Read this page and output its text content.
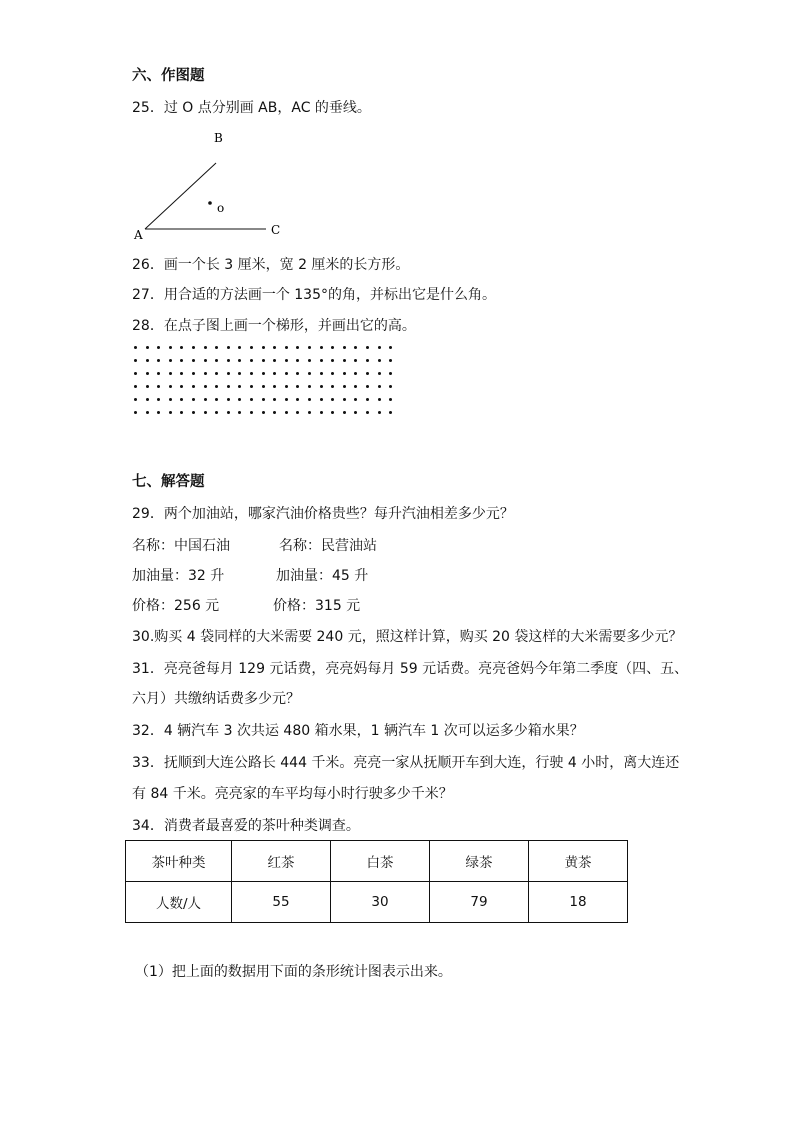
六、作图题
25．过 O 点分别画 AB，AC 的垂线。
B
o
A	C
26．画一个长 3 厘米，宽 2 厘米的长方形。
27．用合适的方法画一个 135°的角，并标出它是什么角。
28．在点子图上画一个梯形，并画出它的高。
七、解答题
29．两个加油站，哪家汽油价格贵些？每升汽油相差多少元？
名称：中国石油	名称：民营油站
加油量：32 升	加油量：45 升
价格：256 元	价格：315 元
30.购买 4 袋同样的大米需要 240 元，照这样计算，购买 20 袋这样的大米需要多少元？
31．亮亮爸每月 129 元话费，亮亮妈每月 59 元话费。亮亮爸妈今年第二季度（四、五、
六月）共缴纳话费多少元？
32．4 辆汽车 3 次共运 480 箱水果，1 辆汽车 1 次可以运多少箱水果？
33．抚顺到大连公路长 444 千米。亮亮一家从抚顺开车到大连，行驶 4 小时，离大连还
有 84 千米。亮亮家的车平均每小时行驶多少千米？
34．消费者最喜爱的茶叶种类调查。
茶叶种类	红茶	白茶	绿茶	黄茶
人数/人	55	30	79	18
（1）把上面的数据用下面的条形统计图表示出来。
